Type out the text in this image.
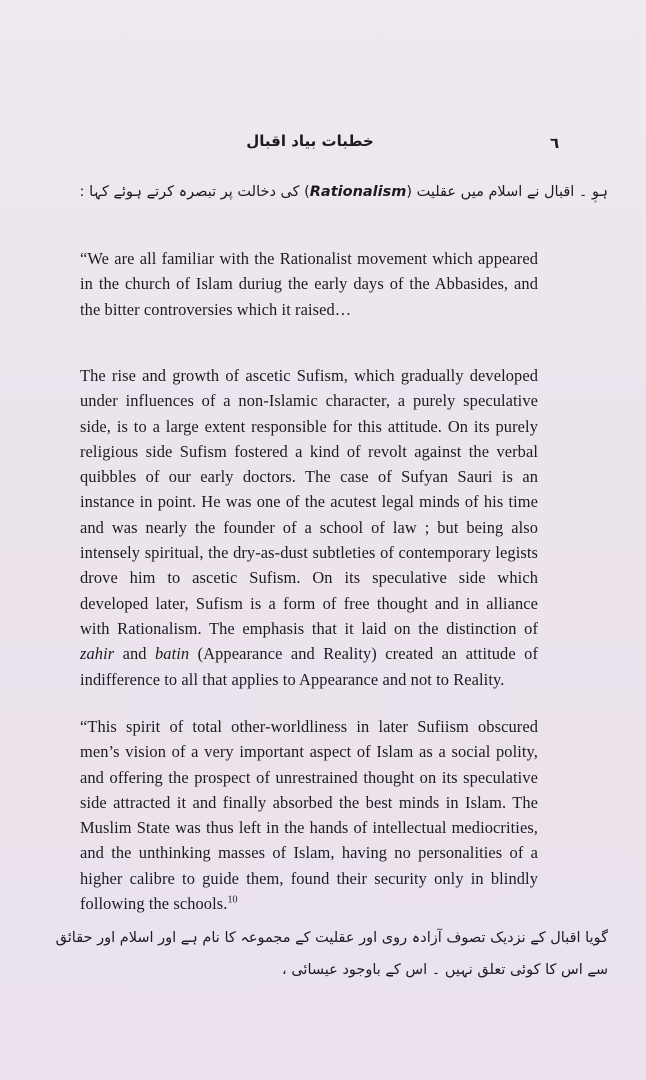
خطبات بیاد اقبال	٦
ہو ۔ اقبال نے اسلام میں عقلیت (Rationalism) کی دخالت پر تبصرہ کرتے ہوئے کہا :
“We are all familiar with the Rationalist movement which appeared in the church of Islam duriug the early days of the Abbasides, and the bitter controversies which it raised…
The rise and growth of ascetic Sufism, which gradually developed under influences of a non-Islamic character, a purely speculative side, is to a large extent responsible for this attitude. On its purely religious side Sufism fostered a kind of revolt against the verbal quibbles of our early doctors. The case of Sufyan Sauri is an instance in point. He was one of the acutest legal minds of his time and was nearly the founder of a school of law ; but being also intensely spiritual, the dry-as-dust subtleties of contemporary legists drove him to ascetic Sufism. On its speculative side which developed later, Sufism is a form of free thought and in alliance with Rationalism. The emphasis that it laid on the distinction of zahir and batin (Appearance and Reality) created an attitude of indifference to all that applies to Appearance and not to Reality.
“This spirit of total other-worldliness in later Sufiism obscured men’s vision of a very important aspect of Islam as a social polity, and offering the prospect of unrestrained thought on its speculative side attracted it and finally absorbed the best minds in Islam. The Muslim State was thus left in the hands of intellectual mediocrities, and the unthinking masses of Islam, having no personalities of a higher calibre to guide them, found their security only in blindly following the schools.$^{10}$
گویا اقبال کے نزدیک تصوف آزادہ روی اور عقلیت کے مجموعہ کا نام ہے اور اسلام اور حقائق سے اس کا کوئی تعلق نہیں ۔ اس کے باوجود عیسائی ،
